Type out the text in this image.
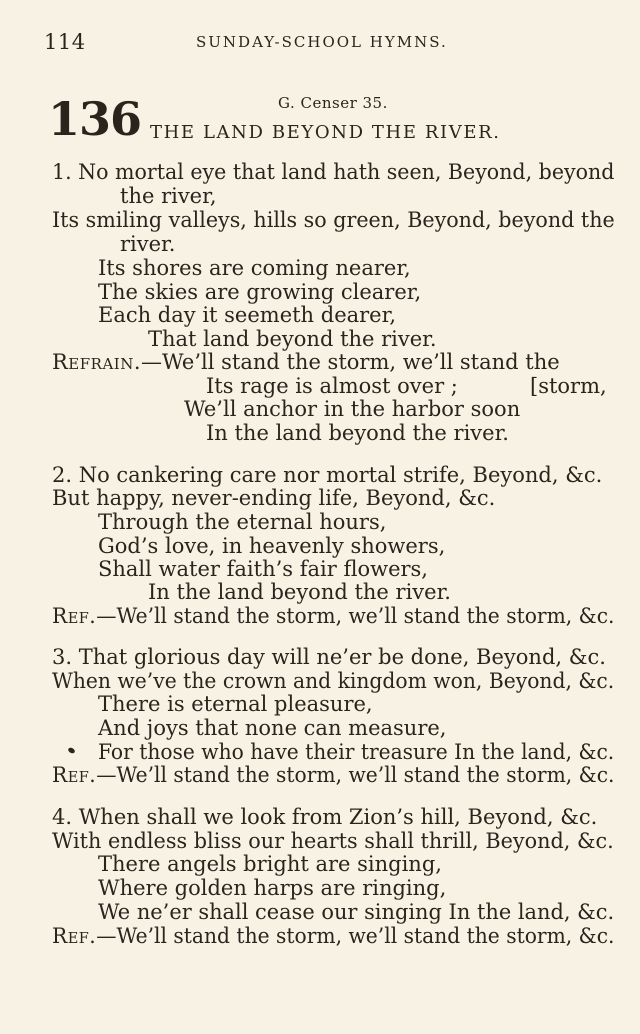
114	SUNDAY-SCHOOL HYMNS.
136	G. Censer 35.
THE LAND BEYOND THE RIVER.
1. No mortal eye that land hath seen, Beyond, beyond
the river,
Its smiling valleys, hills so green, Beyond, beyond the
river.
Its shores are coming nearer,
The skies are growing clearer,
Each day it seemeth dearer,
That land beyond the river.
Refrain.—We’ll stand the storm, we’ll stand the
Its rage is almost over ;	[storm,
We’ll anchor in the harbor soon
In the land beyond the river.
2. No cankering care nor mortal strife, Beyond, &c.
But happy, never-ending life, Beyond, &c.
Through the eternal hours,
God’s love, in heavenly showers,
Shall water faith’s fair flowers,
In the land beyond the river.
Ref.—We’ll stand the storm, we’ll stand the storm, &c.
3. That glorious day will ne’er be done, Beyond, &c.
When we’ve the crown and kingdom won, Beyond, &c.
There is eternal pleasure,
And joys that none can measure,
For those who have their treasure In the land, &c.
Ref.—We’ll stand the storm, we’ll stand the storm, &c.
4. When shall we look from Zion’s hill, Beyond, &c.
With endless bliss our hearts shall thrill, Beyond, &c.
There angels bright are singing,
Where golden harps are ringing,
We ne’er shall cease our singing In the land, &c.
Ref.—We’ll stand the storm, we’ll stand the storm, &c.
